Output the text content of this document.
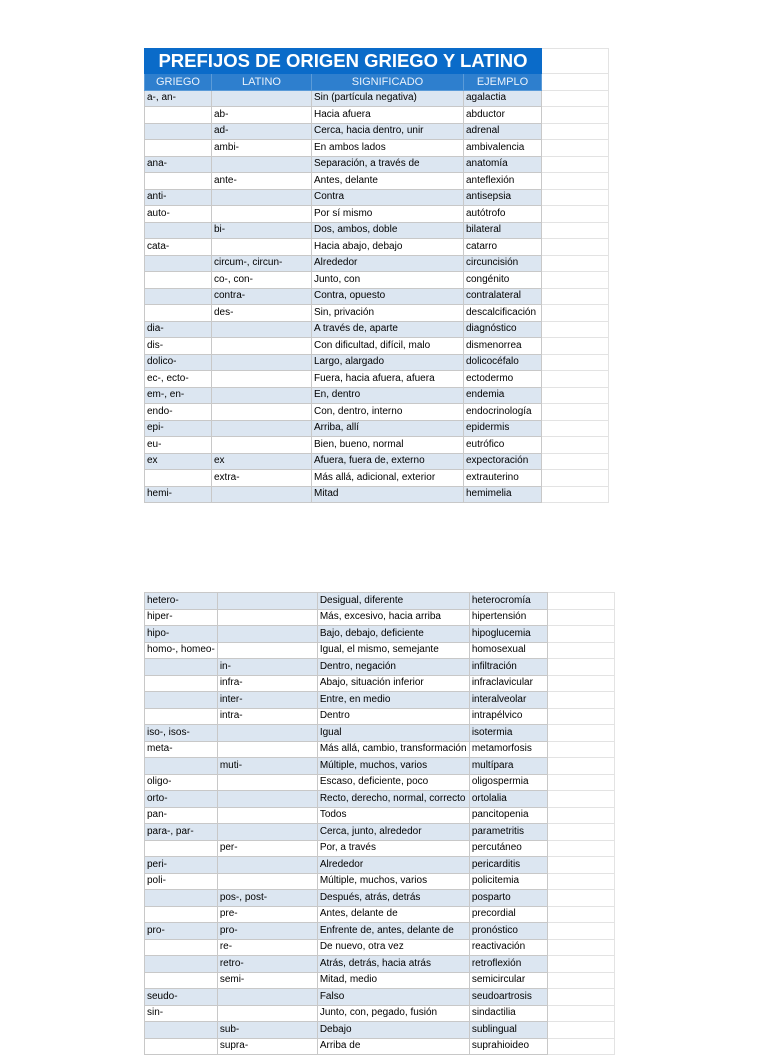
PREFIJOS DE ORIGEN GRIEGO Y LATINO				
GRIEGO	LATINO	SIGNIFICADO	EJEMPLO	
a-, an-		Sin (partícula negativa)	agalactia	
	ab-	Hacia afuera	abductor	
	ad-	Cerca, hacia dentro, unir	adrenal	
	ambi-	En ambos lados	ambivalencia	
ana-		Separación, a través de	anatomía	
	ante-	Antes, delante	anteflexión	
anti-		Contra	antisepsia	
auto-		Por sí mismo	autótrofo	
	bi-	Dos, ambos, doble	bilateral	
cata-		Hacia abajo, debajo	catarro	
	circum-, circun-	Alrededor	circuncisión	
	co-, con-	Junto, con	congénito	
	contra-	Contra, opuesto	contralateral	
	des-	Sin, privación	descalcificación	
dia-		A través de, aparte	diagnóstico	
dis-		Con dificultad, difícil, malo	dismenorrea	
dolico-		Largo, alargado	dolicocéfalo	
ec-, ecto-		Fuera, hacia afuera, afuera	ectodermo	
em-, en-		En, dentro	endemia	
endo-		Con, dentro, interno	endocrinología	
epi-		Arriba, allí	epidermis	
eu-		Bien, bueno, normal	eutrófico	
ex	ex	Afuera, fuera de, externo	expectoración	
	extra-	Más allá, adicional, exterior	extrauterino	
hemi-		Mitad	hemimelia	
hetero-		Desigual, diferente	heterocromía	
hiper-		Más, excesivo, hacia arriba	hipertensión	
hipo-		Bajo, debajo, deficiente	hipoglucemia	
homo-, homeo-		Igual, el mismo, semejante	homosexual	
	in-	Dentro, negación	infiltración	
	infra-	Abajo, situación inferior	infraclavicular	
	inter-	Entre, en medio	interalveolar	
	intra-	Dentro	intrapélvico	
iso-, isos-		Igual	isotermia	
meta-		Más allá, cambio, transformación	metamorfosis	
	muti-	Múltiple, muchos, varios	multípara	
oligo-		Escaso, deficiente, poco	oligospermia	
orto-		Recto, derecho, normal, correcto	ortolalia	
pan-		Todos	pancitopenia	
para-, par-		Cerca, junto, alrededor	parametritis	
	per-	Por, a través	percutáneo	
peri-		Alrededor	pericarditis	
poli-		Múltiple, muchos, varios	policitemia	
	pos-, post-	Después, atrás, detrás	posparto	
	pre-	Antes, delante de	precordial	
pro-	pro-	Enfrente de, antes, delante de	pronóstico	
	re-	De nuevo, otra vez	reactivación	
	retro-	Atrás, detrás, hacia atrás	retroflexión	
	semi-	Mitad, medio	semicircular	
seudo-		Falso	seudoartrosis	
sin-		Junto, con, pegado, fusión	sindactilia	
	sub-	Debajo	sublingual	
	supra-	Arriba de	suprahioideo	
